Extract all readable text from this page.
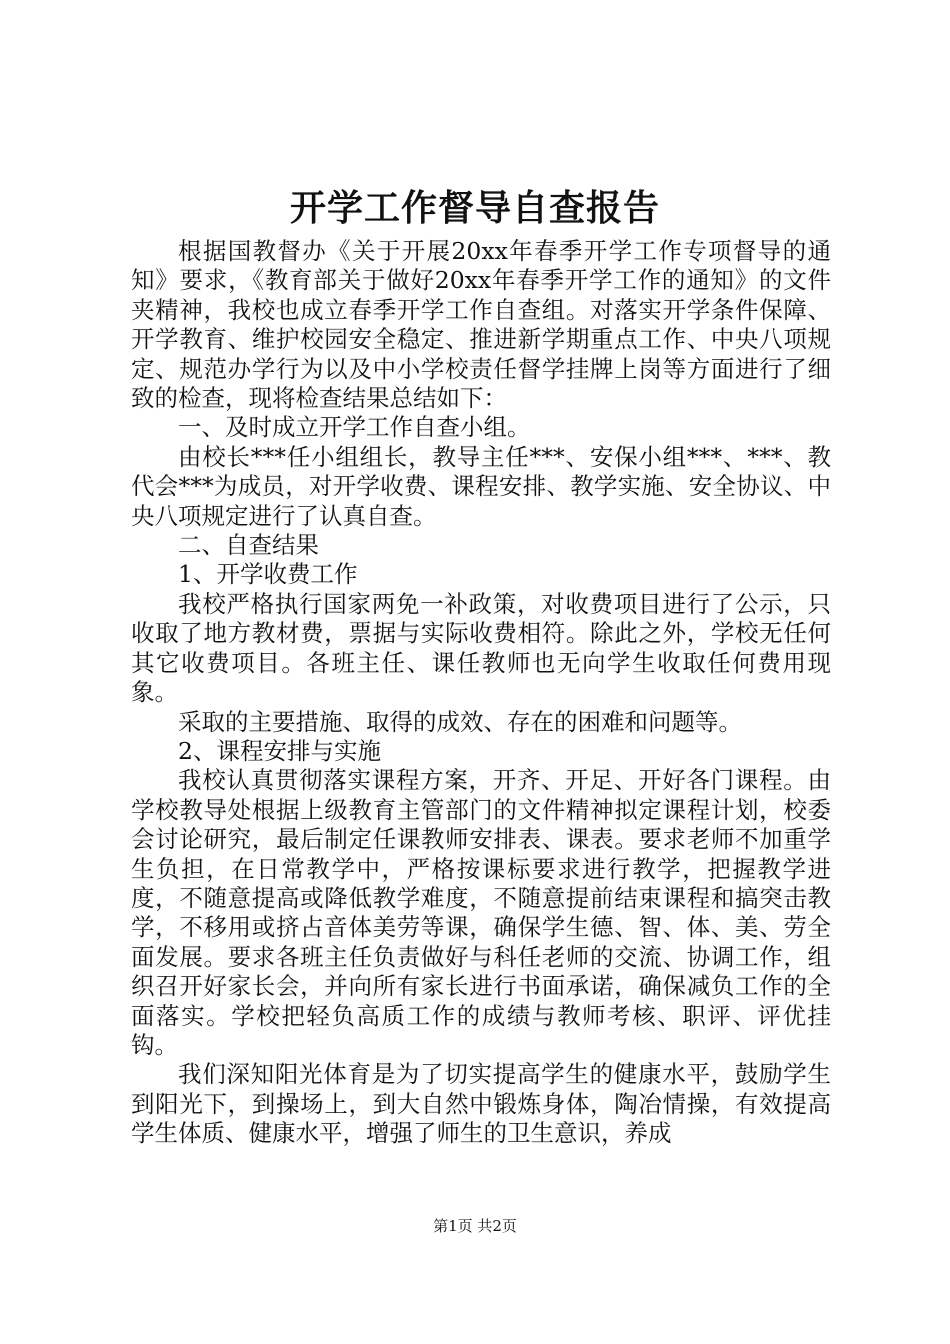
开学工作督导自查报告

根据国教督办《关于开展20xx年春季开学工作专项督导的通知》要求，《教育部关于做好20xx年春季开学工作的通知》的文件夹精神，我校也成立春季开学工作自查组。对落实开学条件保障、开学教育、维护校园安全稳定、推进新学期重点工作、中央八项规定、规范办学行为以及中小学校责任督学挂牌上岗等方面进行了细致的检查，现将检查结果总结如下：

一、及时成立开学工作自查小组。

由校长***任小组组长，教导主任***、安保小组***、***、教代会***为成员，对开学收费、课程安排、教学实施、安全协议、中央八项规定进行了认真自查。

二、自查结果

1、开学收费工作

我校严格执行国家两免一补政策，对收费项目进行了公示，只收取了地方教材费，票据与实际收费相符。除此之外，学校无任何其它收费项目。各班主任、课任教师也无向学生收取任何费用现象。

采取的主要措施、取得的成效、存在的困难和问题等。

2、课程安排与实施

我校认真贯彻落实课程方案，开齐、开足、开好各门课程。由学校教导处根据上级教育主管部门的文件精神拟定课程计划，校委会讨论研究，最后制定任课教师安排表、课表。要求老师不加重学生负担，在日常教学中，严格按课标要求进行教学，把握教学进度，不随意提高或降低教学难度，不随意提前结束课程和搞突击教学，不移用或挤占音体美劳等课，确保学生德、智、体、美、劳全面发展。要求各班主任负责做好与科任老师的交流、协调工作，组织召开好家长会，并向所有家长进行书面承诺，确保减负工作的全面落实。学校把轻负高质工作的成绩与教师考核、职评、评优挂钩。

我们深知阳光体育是为了切实提高学生的健康水平，鼓励学生到阳光下，到操场上，到大自然中锻炼身体，陶冶情操，有效提高学生体质、健康水平，增强了师生的卫生意识，养成

第1页 共2页
